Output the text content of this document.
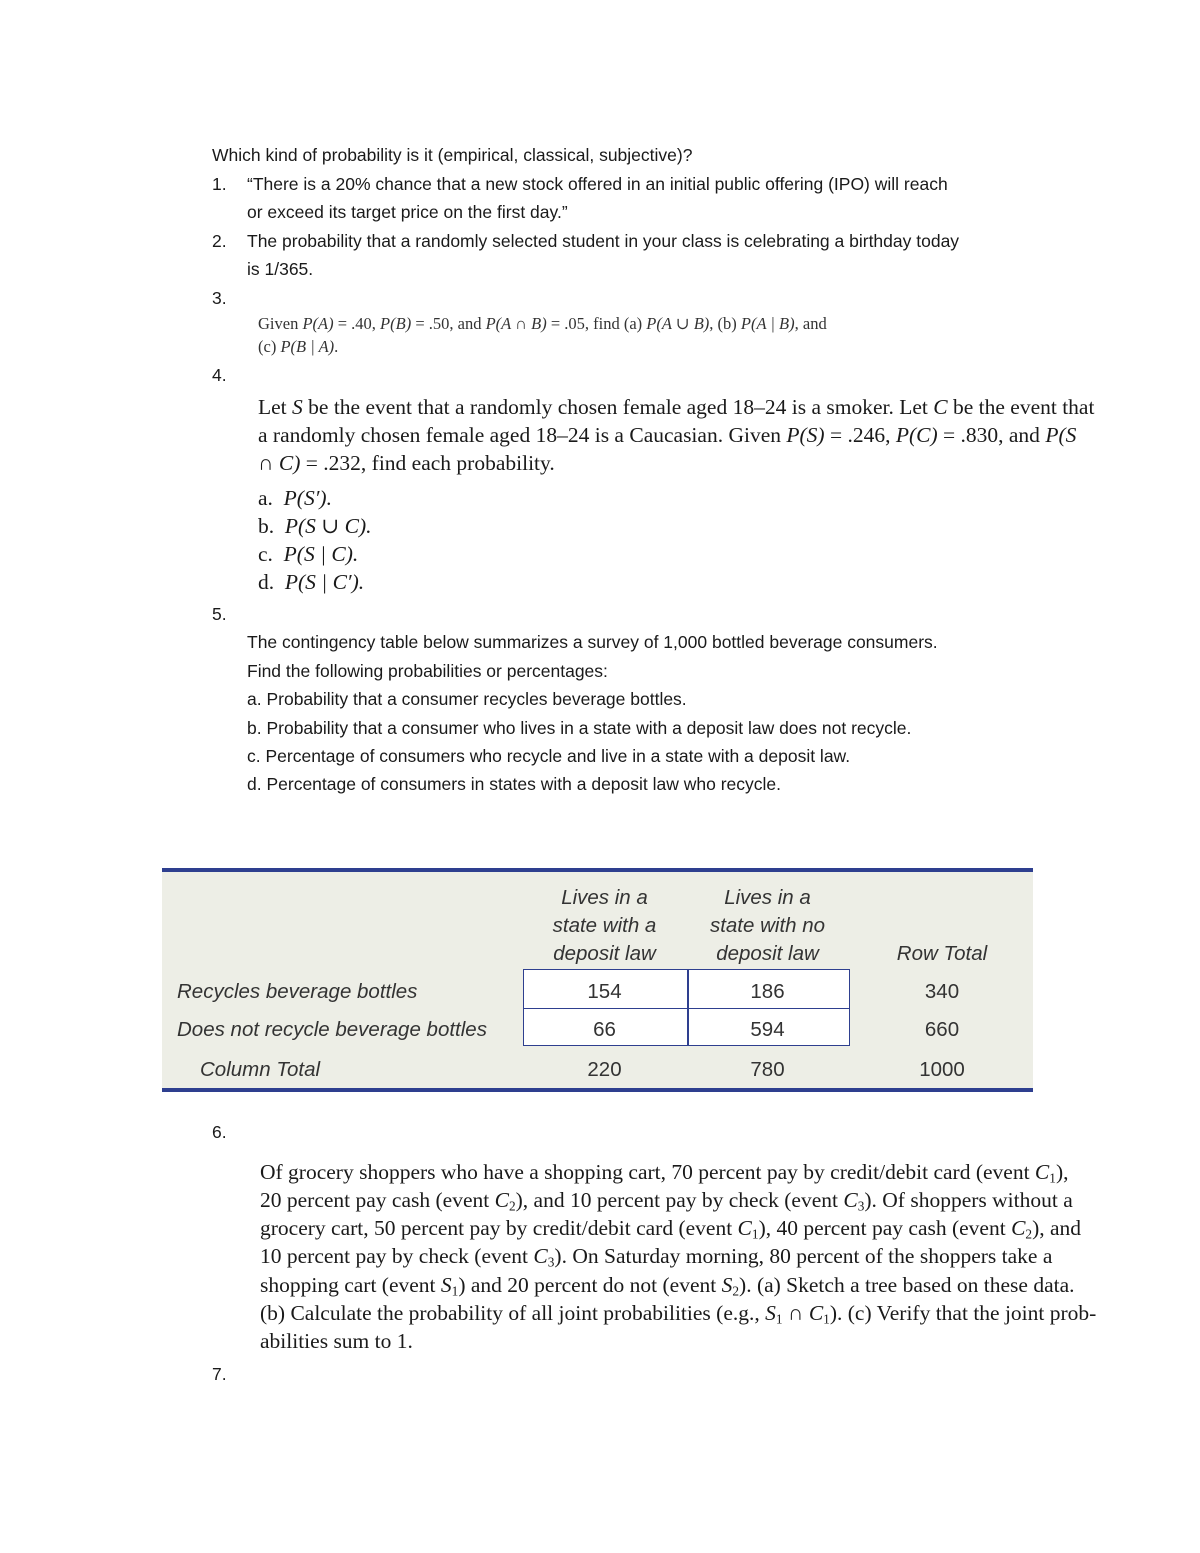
Which kind of probability is it (empirical, classical, subjective)?
1. “There is a 20% chance that a new stock offered in an initial public offering (IPO) will reach
or exceed its target price on the first day.”
2. The probability that a randomly selected student in your class is celebrating a birthday today
is 1/365.
3.
Given P(A) = .40, P(B) = .50, and P(A ∩ B) = .05, find (a) P(A ∪ B), (b) P(A | B), and
(c) P(B | A).
4.
Let S be the event that a randomly chosen female aged 18–24 is a smoker. Let C be the event that
a randomly chosen female aged 18–24 is a Caucasian. Given P(S) = .246, P(C) = .830, and P(S
∩ C) = .232, find each probability.
a. P(S′).
b. P(S ∪ C).
c. P(S | C).
d. P(S | C′).
5.
The contingency table below summarizes a survey of 1,000 bottled beverage consumers.
Find the following probabilities or percentages:
a. Probability that a consumer recycles beverage bottles.
b. Probability that a consumer who lives in a state with a deposit law does not recycle.
c. Percentage of consumers who recycle and live in a state with a deposit law.
d. Percentage of consumers in states with a deposit law who recycle.
Lives in a
state with a
deposit law
Lives in a
state with no
deposit law	Row Total
Recycles beverage bottles	154	186	340
Does not recycle beverage bottles	66	594	660
Column Total	220	780	1000
6.
Of grocery shoppers who have a shopping cart, 70 percent pay by credit/debit card (event $C_1$),
20 percent pay cash (event $C_2$), and 10 percent pay by check (event $C_3$). Of shoppers without a
grocery cart, 50 percent pay by credit/debit card (event $C_1$), 40 percent pay cash (event $C_2$), and
10 percent pay by check (event $C_3$). On Saturday morning, 80 percent of the shoppers take a
shopping cart (event $S_1$) and 20 percent do not (event $S_2$). (a) Sketch a tree based on these data.
(b) Calculate the probability of all joint probabilities (e.g., $S_1$ ∩ $C_1$). (c) Verify that the joint prob-
abilities sum to 1.
7.
